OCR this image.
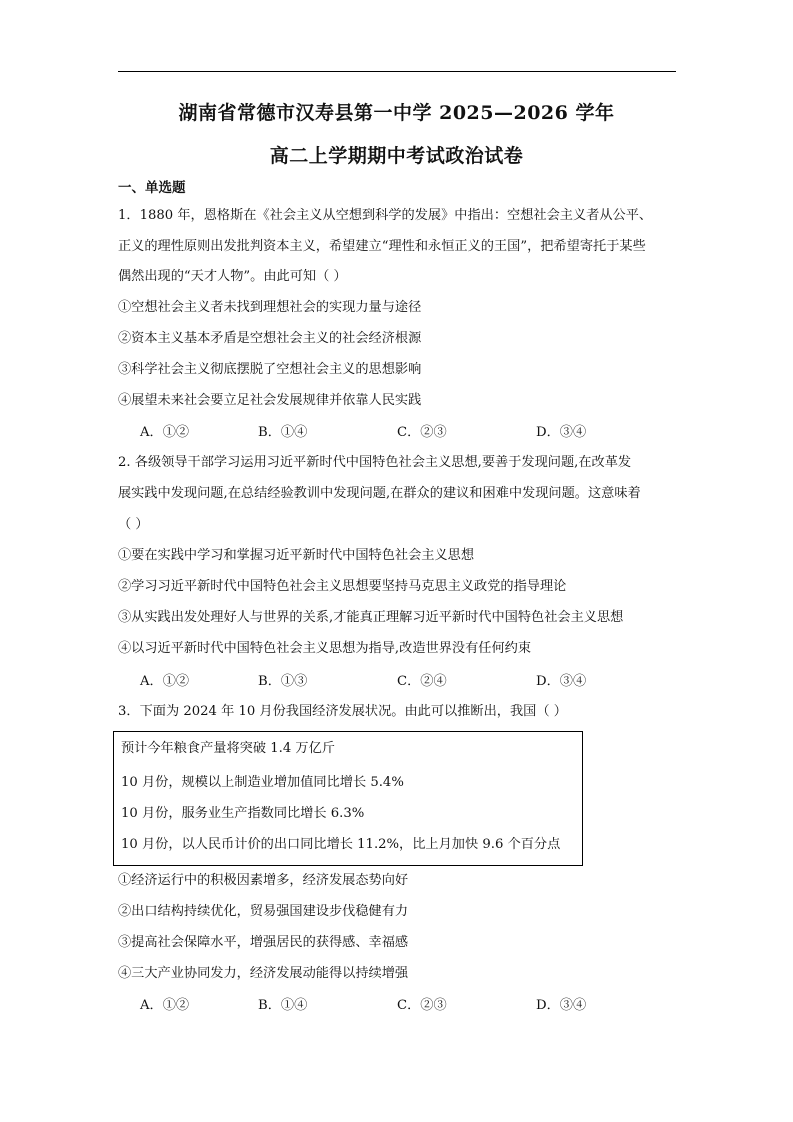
湖南省常德市汉寿县第一中学 2025—2026 学年
高二上学期期中考试政治试卷
一、单选题
1．1880 年，恩格斯在《社会主义从空想到科学的发展》中指出：空想社会主义者从公平、
正义的理性原则出发批判资本主义，希望建立“理性和永恒正义的王国”，把希望寄托于某些
偶然出现的“天才人物”。由此可知（ ）
①空想社会主义者未找到理想社会的实现力量与途径
②资本主义基本矛盾是空想社会主义的社会经济根源
③科学社会主义彻底摆脱了空想社会主义的思想影响
④展望未来社会要立足社会发展规律并依靠人民实践
A．①②	B．①④	C．②③	D．③④
2. 各级领导干部学习运用习近平新时代中国特色社会主义思想,要善于发现问题,在改革发
展实践中发现问题,在总结经验教训中发现问题,在群众的建议和困难中发现问题。这意味着
（ ）
①要在实践中学习和掌握习近平新时代中国特色社会主义思想
②学习习近平新时代中国特色社会主义思想要坚持马克思主义政党的指导理论
③从实践出发处理好人与世界的关系,才能真正理解习近平新时代中国特色社会主义思想
④以习近平新时代中国特色社会主义思想为指导,改造世界没有任何约束
A．①②	B．①③	C．②④	D．③④
3．下面为 2024 年 10 月份我国经济发展状况。由此可以推断出，我国（ ）
预计今年粮食产量将突破 1.4 万亿斤
10 月份，规模以上制造业增加值同比增长 5.4%
10 月份，服务业生产指数同比增长 6.3%
10 月份，以人民币计价的出口同比增长 11.2%，比上月加快 9.6 个百分点
①经济运行中的积极因素增多，经济发展态势向好
②出口结构持续优化，贸易强国建设步伐稳健有力
③提高社会保障水平，增强居民的获得感、幸福感
④三大产业协同发力，经济发展动能得以持续增强
A．①②	B．①④	C．②③	D．③④
